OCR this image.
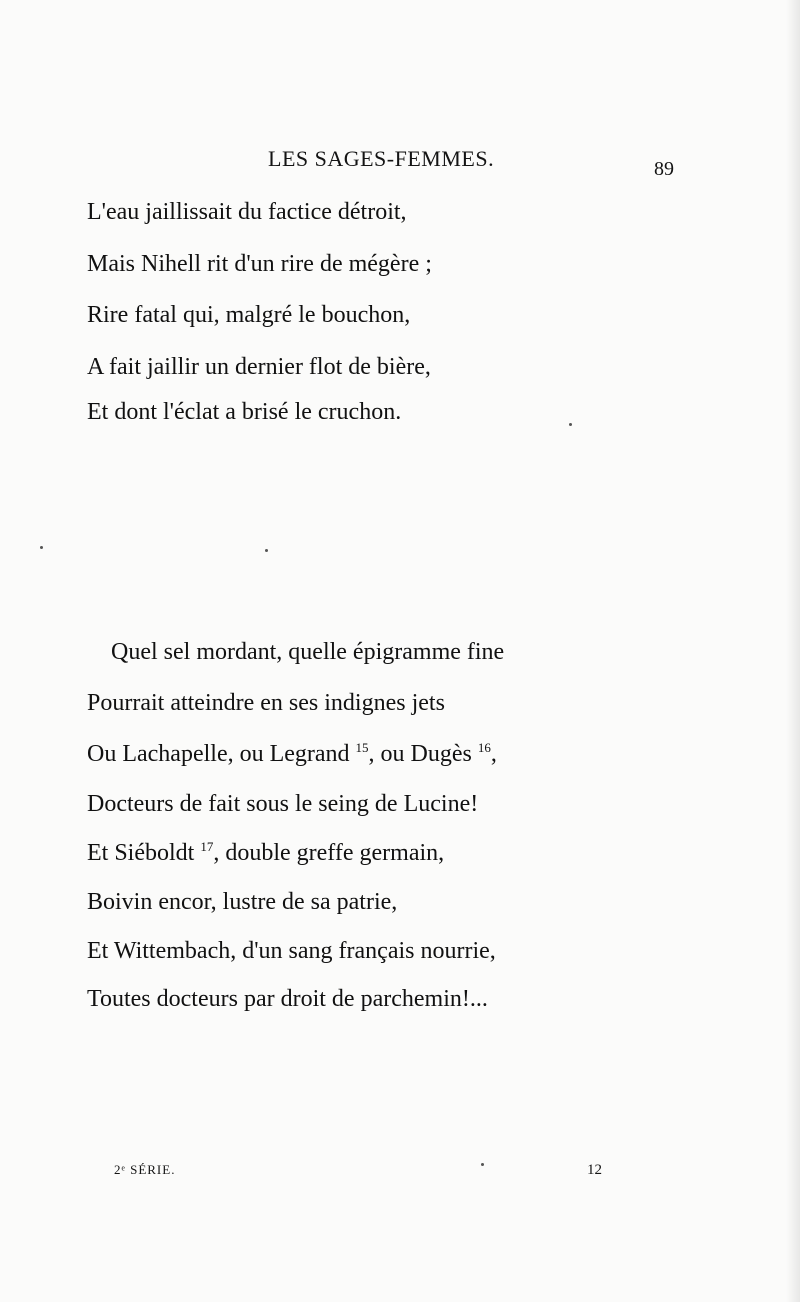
LES SAGES-FEMMES.	89
L'eau jaillissait du factice détroit,
Mais Nihell rit d'un rire de mégère ;
Rire fatal qui, malgré le bouchon,
A fait jaillir un dernier flot de bière,
Et dont l'éclat a brisé le cruchon.
Quel sel mordant, quelle épigramme fine
Pourrait atteindre en ses indignes jets
Ou Lachapelle, ou Legrand $^{15}$, ou Dugès $^{16}$,
Docteurs de fait sous le seing de Lucine!
Et Siéboldt $^{17}$, double greffe germain,
Boivin encor, lustre de sa patrie,
Et Wittembach, d'un sang français nourrie,
Toutes docteurs par droit de parchemin!...
2ᵉ SÉRIE.	12
